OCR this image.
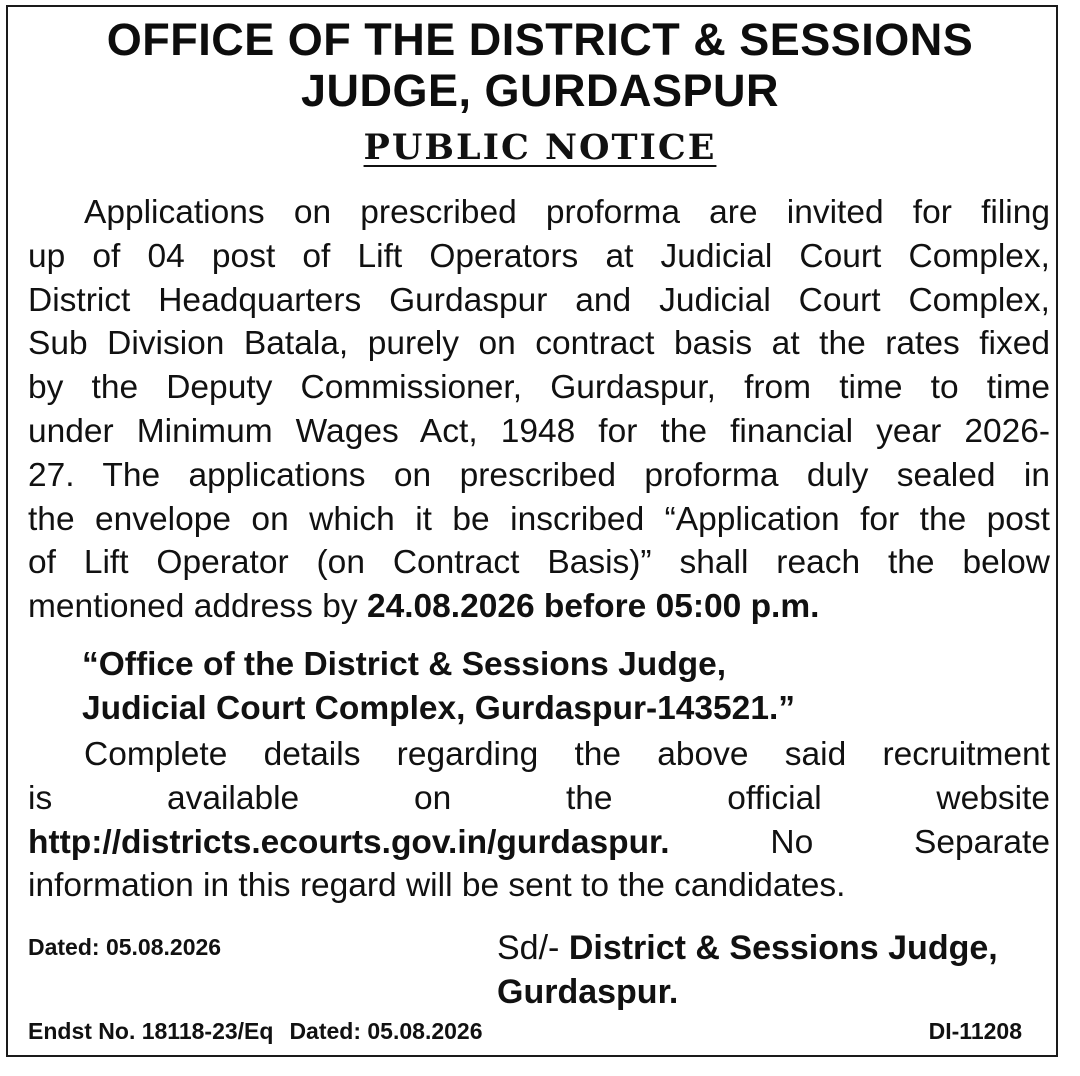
OFFICE OF THE DISTRICT & SESSIONS
JUDGE, GURDASPUR
PUBLIC NOTICE
Applications on prescribed proforma are invited for filing
up of 04 post of Lift Operators at Judicial Court Complex,
District Headquarters Gurdaspur and Judicial Court Complex,
Sub Division Batala, purely on contract basis at the rates fixed
by the Deputy Commissioner, Gurdaspur, from time to time
under Minimum Wages Act, 1948 for the financial year 2026-
27. The applications on prescribed proforma duly sealed in
the envelope on which it be inscribed “Application for the post
of Lift Operator (on Contract Basis)” shall reach the below
mentioned address by 24.08.2026 before 05:00 p.m.
“Office of the District & Sessions Judge,
Judicial Court Complex, Gurdaspur-143521.”
Complete details regarding the above said recruitment
is available on the official website
http://districts.ecourts.gov.in/gurdaspur.	No Separate
information in this regard will be sent to the candidates.
Dated: 05.08.2026	Sd/- District & Sessions Judge,
Gurdaspur.
Endst No. 18118-23/Eq Dated: 05.08.2026	DI-11208
